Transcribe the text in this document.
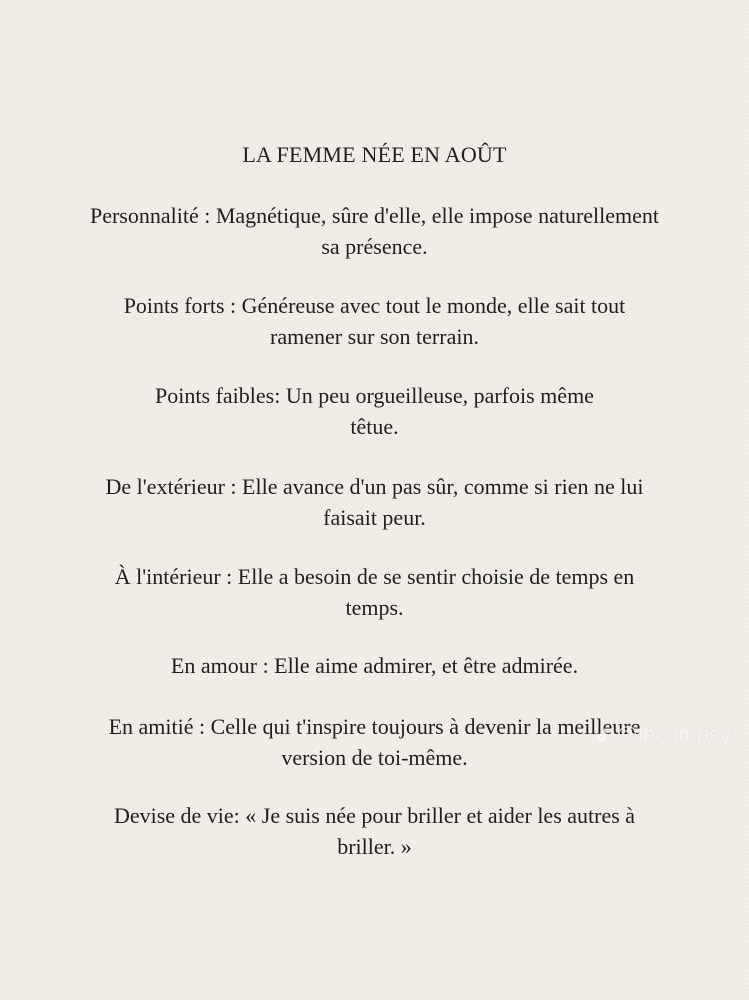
LA FEMME NÉE EN AOÛT
Personnalité : Magnétique, sûre d'elle, elle impose naturellement
sa présence.
Points forts : Généreuse avec tout le monde, elle sait tout
ramener sur son terrain.
Points faibles: Un peu orgueilleuse, parfois même
têtue.
De l'extérieur : Elle avance d'un pas sûr, comme si rien ne lui
faisait peur.
À l'intérieur : Elle a besoin de se sentir choisie de temps en
temps.
En amour : Elle aime admirer, et être admirée.
En amitié : Celle qui t'inspire toujours à devenir la meilleure
version de toi-même.
Devise de vie: « Je suis née pour briller et aider les autres à
briller. »
@lecompsy
